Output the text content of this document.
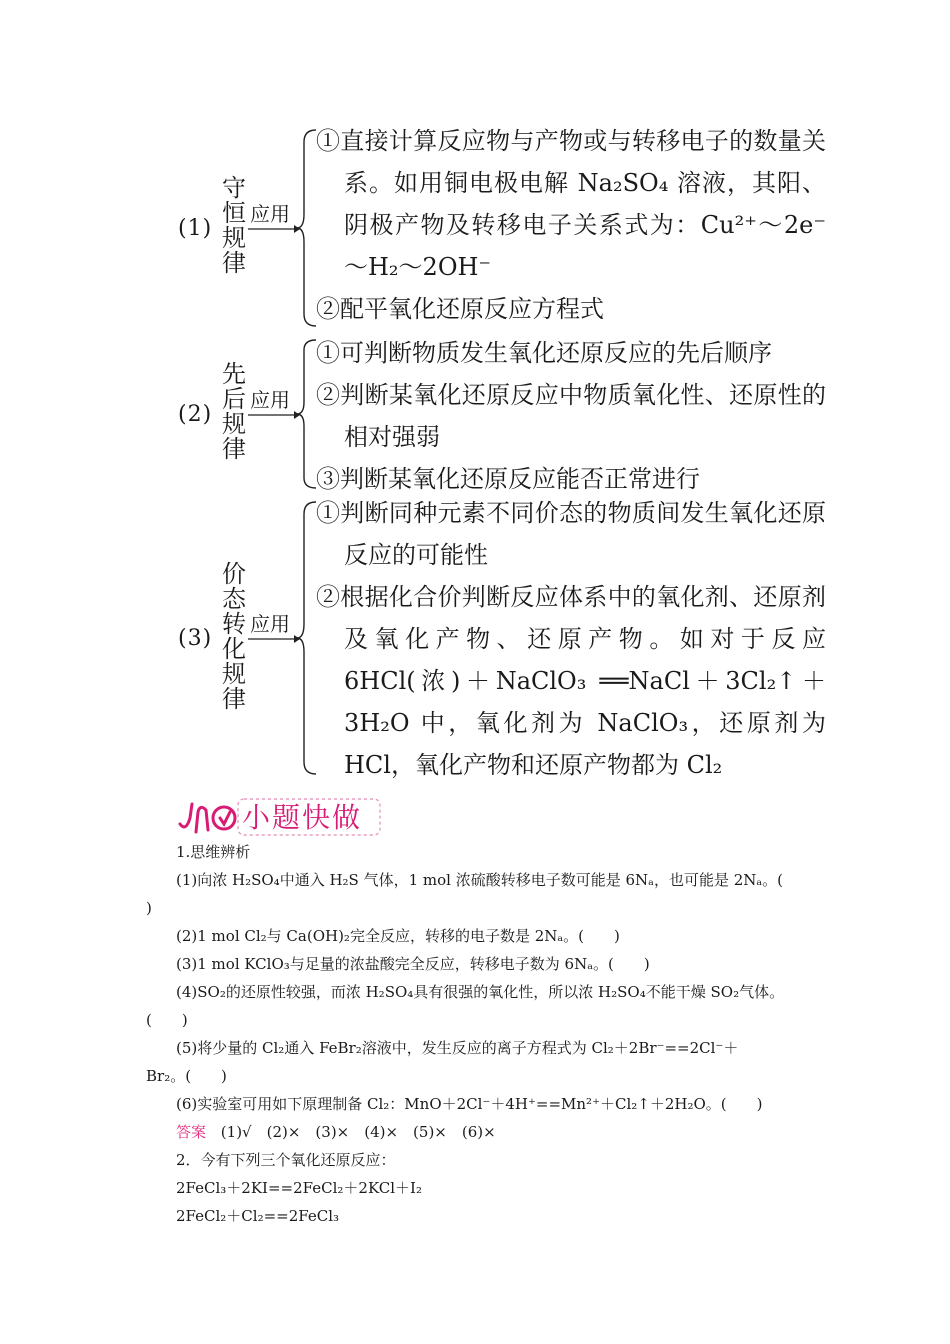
(1)
守恒规律
应用
①直接计算反应物与产物或与转移电子的数量关系。如用铜电极电解 Na₂SO₄ 溶液，其阳、阴极产物及转移电子关系式为：Cu²⁺～2e⁻～H₂～2OH⁻
②配平氧化还原反应方程式
(2)
先后规律
应用
①可判断物质发生氧化还原反应的先后顺序
②判断某氧化还原反应中物质氧化性、还原性的相对强弱
③判断某氧化还原反应能否正常进行
(3)
价态转化规律
应用
①判断同种元素不同价态的物质间发生氧化还原反应的可能性
②根据化合价判断反应体系中的氧化剂、还原剂及氧化产物、还原产物。如对于反应 6HCl(浓)＋NaClO₃ ══NaCl＋3Cl₂↑＋3H₂O 中，氧化剂为 NaClO₃，还原剂为 HCl，氧化产物和还原产物都为 Cl₂
小题快做

1.思维辨析

(1)向浓 H₂SO₄中通入 H₂S 气体，1 mol 浓硫酸转移电子数可能是 6Nₐ，也可能是 2Nₐ。(

)

(2)1 mol Cl₂与 Ca(OH)₂完全反应，转移的电子数是 2Nₐ。(　　)

(3)1 mol KClO₃与足量的浓盐酸完全反应，转移电子数为 6Nₐ。(　　)

(4)SO₂的还原性较强，而浓 H₂SO₄具有很强的氧化性，所以浓 H₂SO₄不能干燥 SO₂气体。

(　　)

(5)将少量的 Cl₂通入 FeBr₂溶液中，发生反应的离子方程式为 Cl₂＋2Br⁻==2Cl⁻＋

Br₂。(　　)

(6)实验室可用如下原理制备 Cl₂：MnO＋2Cl⁻＋4H⁺==Mn²⁺＋Cl₂↑＋2H₂O。(　　)

答案 (1)√　(2)×　(3)×　(4)×　(5)×　(6)×

2．今有下列三个氧化还原反应：

2FeCl₃＋2KI==2FeCl₂＋2KCl＋I₂

2FeCl₂＋Cl₂==2FeCl₃
